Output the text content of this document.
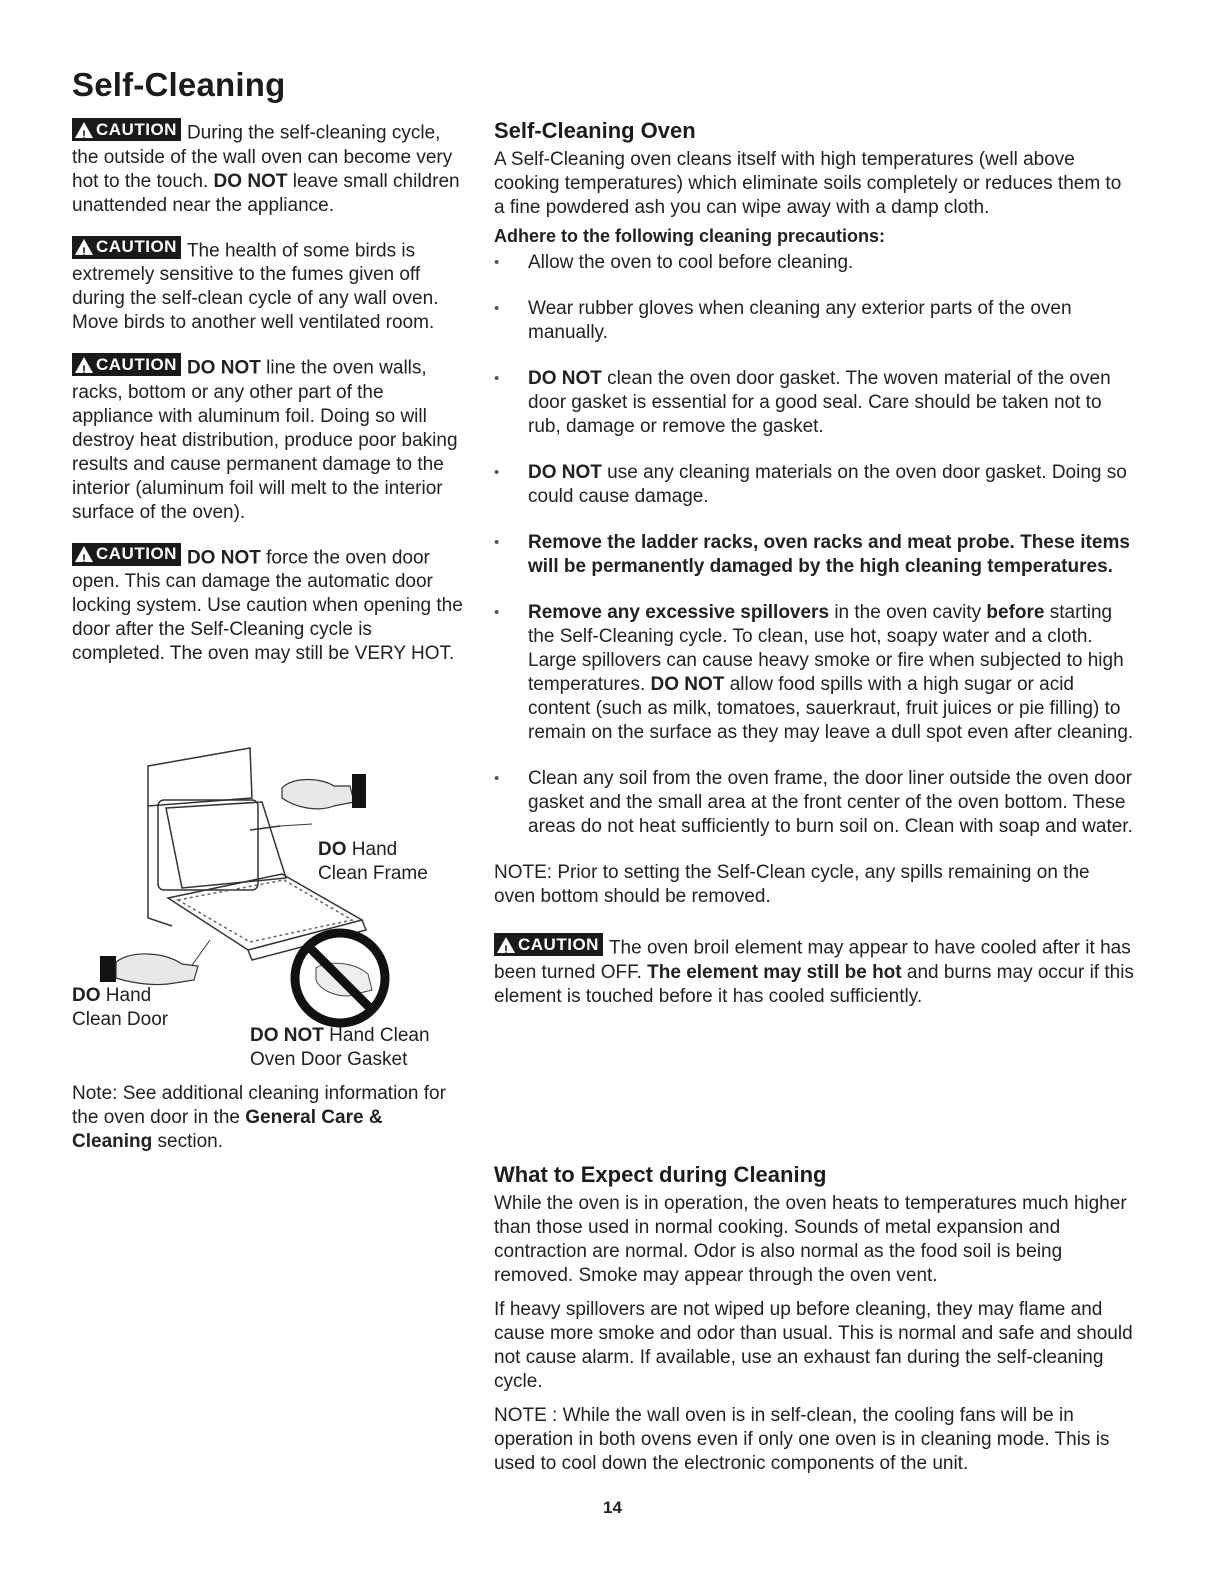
Self-Cleaning

!
CAUTION During the self-cleaning cycle, the outside of the wall oven can become very hot to the touch. DO NOT leave small children unattended near the appliance.

!
CAUTION The health of some birds is extremely sensitive to the fumes given off during the self-clean cycle of any wall oven. Move birds to another well ventilated room.

!
CAUTION DO NOT line the oven walls, racks, bottom or any other part of the appliance with aluminum foil. Doing so will destroy heat distribution, produce poor baking results and cause permanent damage to the interior (aluminum foil will melt to the interior surface of the oven).

!
CAUTION DO NOT force the oven door open. This can damage the automatic door locking system. Use caution when opening the door after the Self-Cleaning cycle is completed. The oven may still be VERY HOT.

DO Hand
Clean Frame
DO Hand
Clean Door
DO NOT Hand Clean
Oven Door Gasket

Note: See additional cleaning information for the oven door in the General Care & Cleaning section.

Self-Cleaning Oven

A Self-Cleaning oven cleans itself with high temperatures (well above cooking temperatures) which eliminate soils completely or reduces them to a fine powdered ash you can wipe away with a damp cloth.

Adhere to the following cleaning precautions:
• Allow the oven to cool before cleaning.
• Wear rubber gloves when cleaning any exterior parts of the oven manually.
• DO NOT clean the oven door gasket. The woven material of the oven door gasket is essential for a good seal. Care should be taken not to rub, damage or remove the gasket.
• DO NOT use any cleaning materials on the oven door gasket. Doing so could cause damage.
• Remove the ladder racks, oven racks and meat probe. These items will be permanently damaged by the high cleaning temperatures.
• Remove any excessive spillovers in the oven cavity before starting the Self-Cleaning cycle. To clean, use hot, soapy water and a cloth. Large spillovers can cause heavy smoke or fire when subjected to high temperatures. DO NOT allow food spills with a high sugar or acid content (such as milk, tomatoes, sauerkraut, fruit juices or pie filling) to remain on the surface as they may leave a dull spot even after cleaning.
• Clean any soil from the oven frame, the door liner outside the oven door gasket and the small area at the front center of the oven bottom. These areas do not heat sufficiently to burn soil on. Clean with soap and water.

NOTE: Prior to setting the Self-Clean cycle, any spills remaining on the oven bottom should be removed.

!
CAUTION The oven broil element may appear to have cooled after it has been turned OFF. The element may still be hot and burns may occur if this element is touched before it has cooled sufficiently.

What to Expect during Cleaning

While the oven is in operation, the oven heats to temperatures much higher than those used in normal cooking. Sounds of metal expansion and contraction are normal. Odor is also normal as the food soil is being removed. Smoke may appear through the oven vent.

If heavy spillovers are not wiped up before cleaning, they may flame and cause more smoke and odor than usual. This is normal and safe and should not cause alarm. If available, use an exhaust fan during the self-cleaning cycle.

NOTE : While the wall oven is in self-clean, the cooling fans will be in operation in both ovens even if only one oven is in cleaning mode. This is used to cool down the electronic components of the unit.

14
